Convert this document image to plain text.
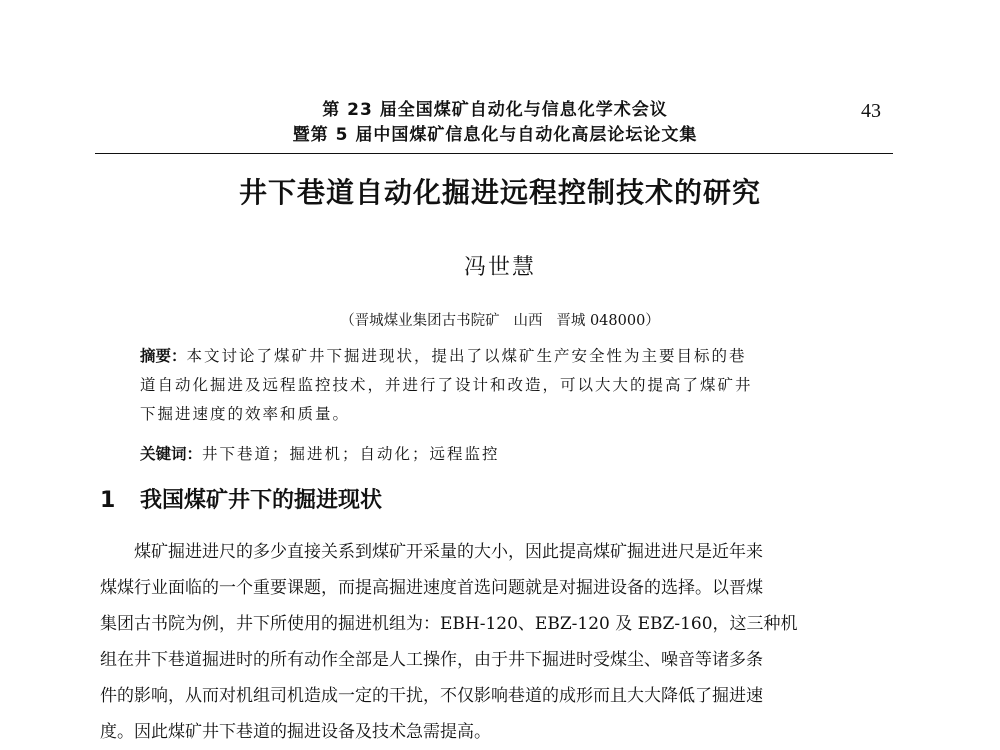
第 23 届全国煤矿自动化与信息化学术会议
暨第 5 届中国煤矿信息化与自动化高层论坛论文集
43
井下巷道自动化掘进远程控制技术的研究
冯世慧
（晋城煤业集团古书院矿   山西   晋城 048000）
摘要：本文讨论了煤矿井下掘进现状，提出了以煤矿生产安全性为主要目标的巷
道自动化掘进及远程监控技术，并进行了设计和改造，可以大大的提高了煤矿井
下掘进速度的效率和质量。
关键词：井下巷道；掘进机；自动化；远程监控
1 我国煤矿井下的掘进现状
煤矿掘进进尺的多少直接关系到煤矿开采量的大小，因此提高煤矿掘进进尺是近年来
煤煤行业面临的一个重要课题，而提高掘进速度首选问题就是对掘进设备的选择。以晋煤
集团古书院为例，井下所使用的掘进机组为：EBH-120、EBZ-120 及 EBZ-160，这三种机
组在井下巷道掘进时的所有动作全部是人工操作，由于井下掘进时受煤尘、噪音等诸多条
件的影响，从而对机组司机造成一定的干扰，不仅影响巷道的成形而且大大降低了掘进速
度。因此煤矿井下巷道的掘进设备及技术急需提高。
